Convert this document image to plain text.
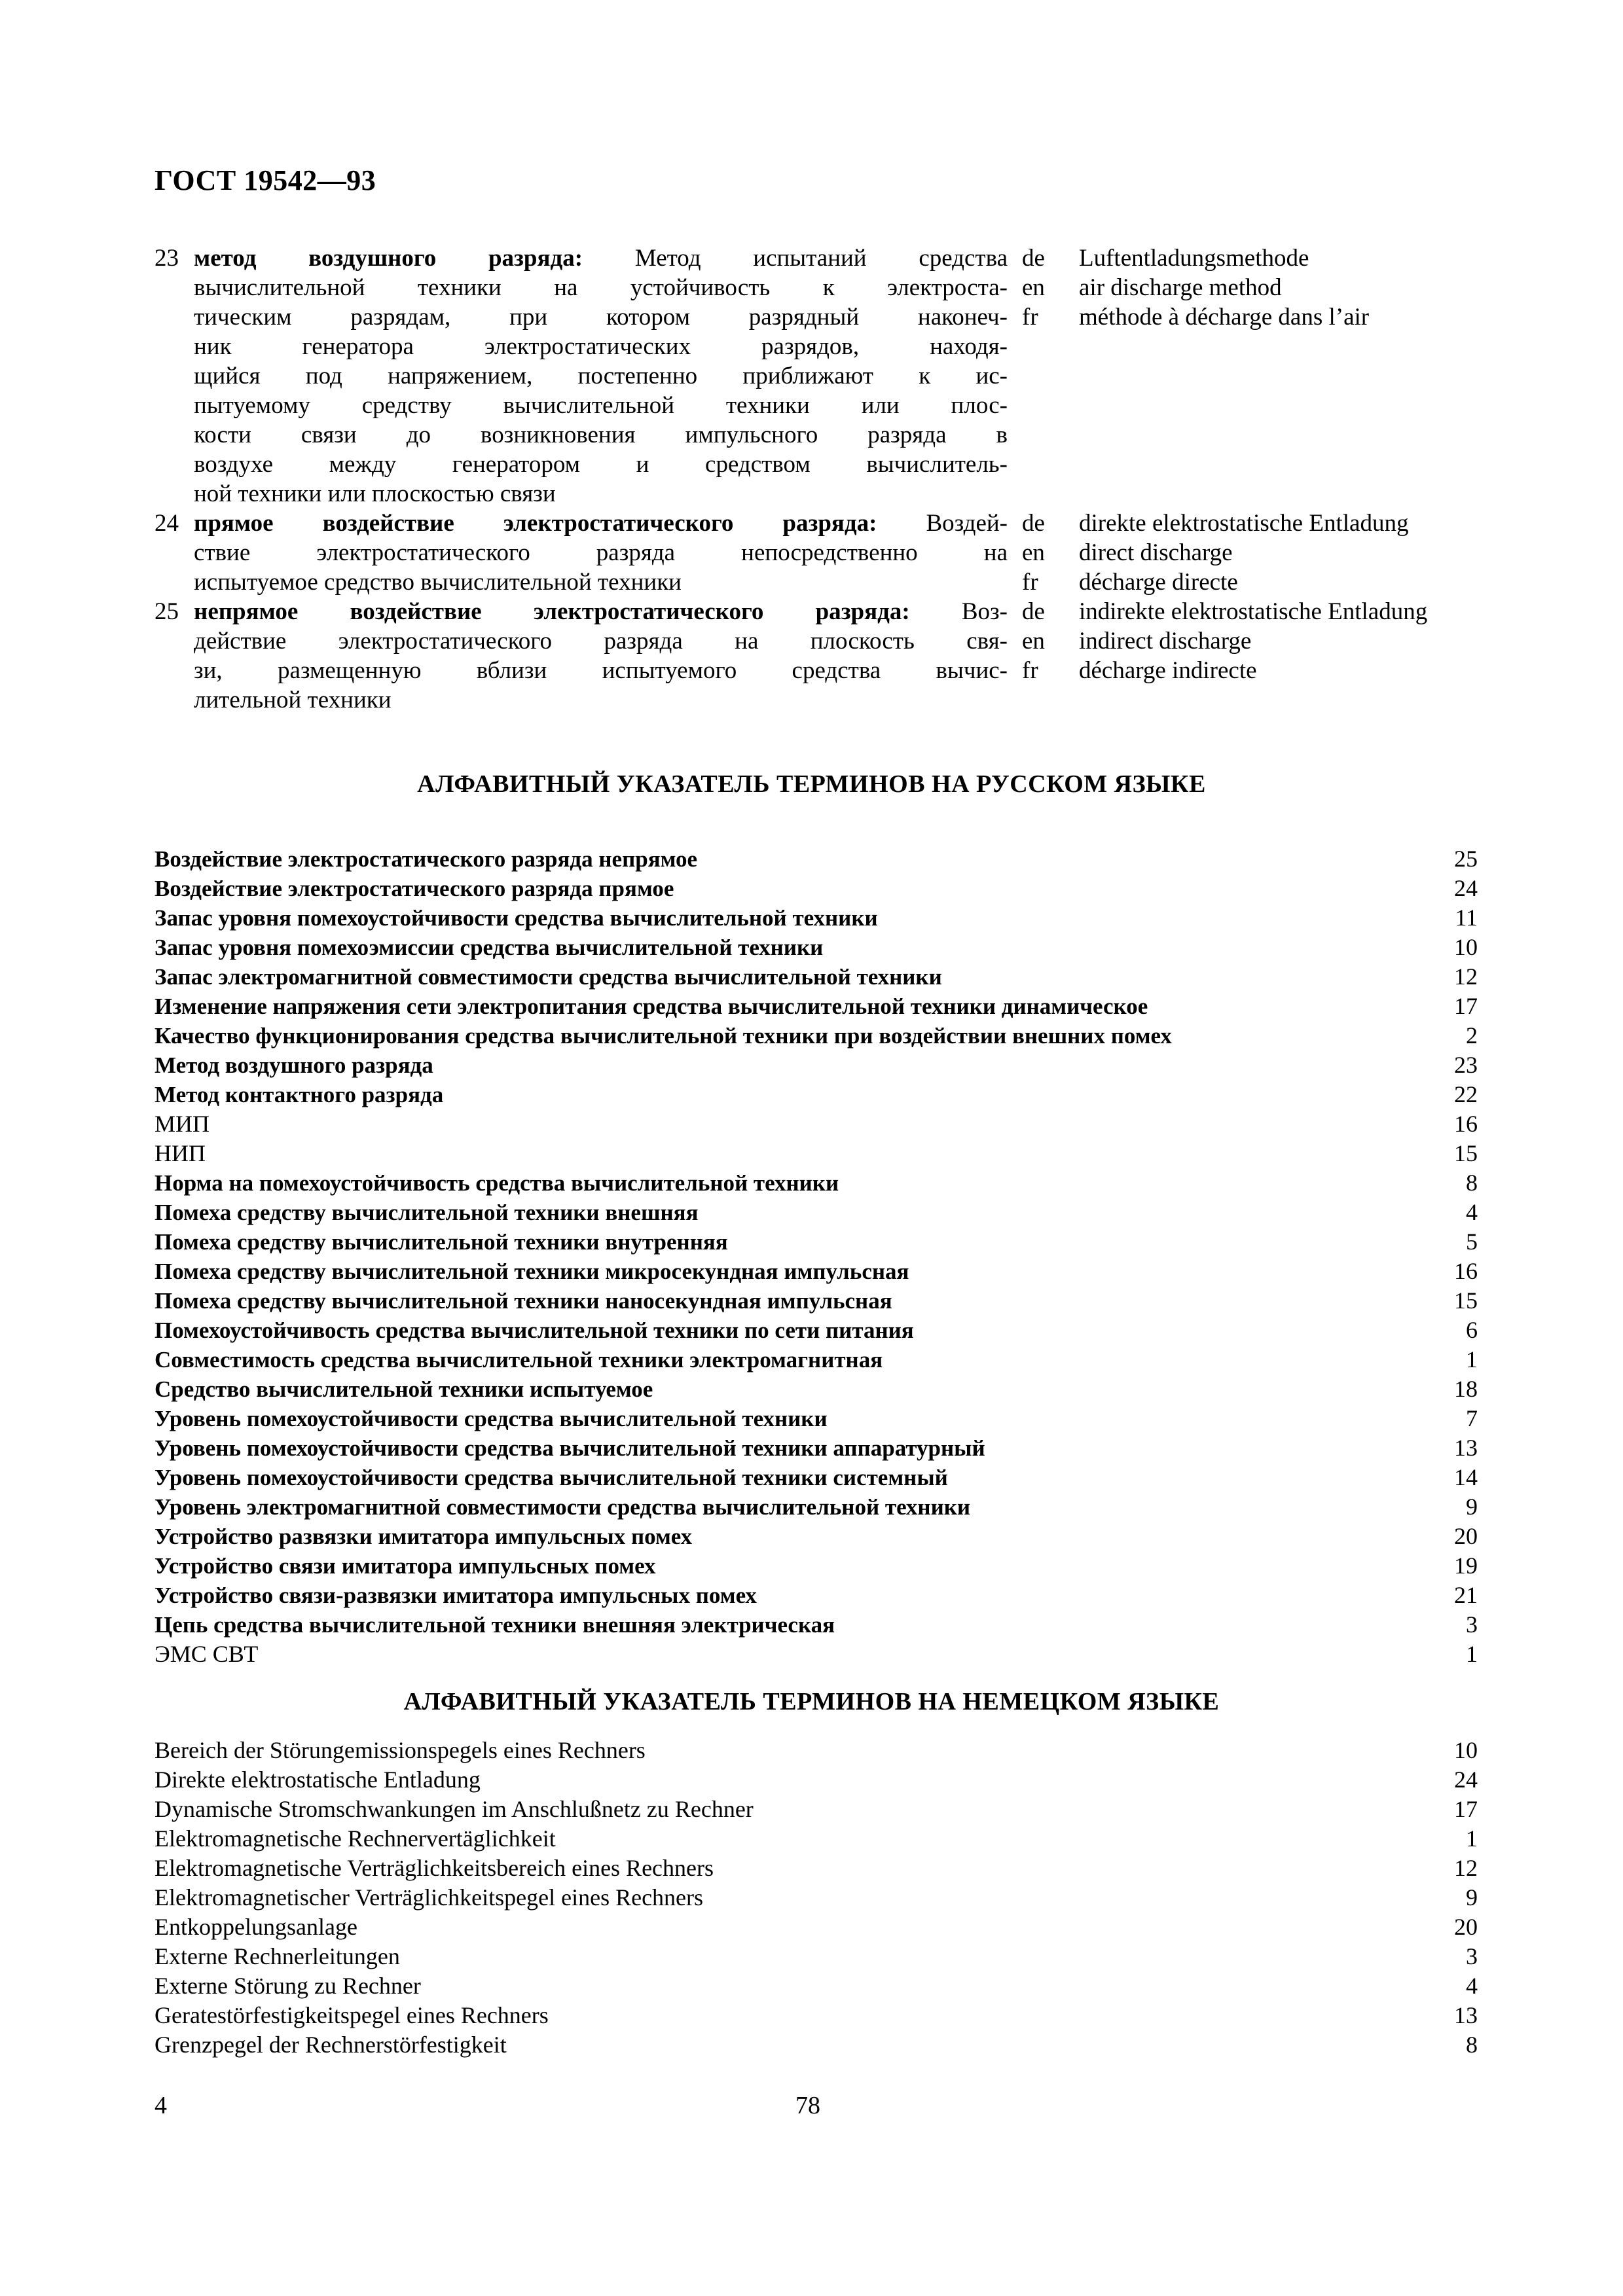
ГОСТ 19542—93
23 метод воздушного разряда: Метод испытаний средства de Luftentladungsmethode
вычислительной техники на устойчивость к электроста- en air discharge method
тическим разрядам, при котором разрядный наконеч- fr méthode à décharge dans l’air
ник генератора электростатических разрядов, находя-
щийся под напряжением, постепенно приближают к ис-
пытуемому средству вычислительной техники или плос-
кости связи до возникновения импульсного разряда в
воздухе между генератором и средством вычислитель-
ной техники или плоскостью связи
24 прямое воздействие электростатического разряда: Воздей- de direkte elektrostatische Entladung
ствие электростатического разряда непосредственно на en direct discharge
испытуемое средство вычислительной техники	fr décharge directe
25 непрямое воздействие электростатического разряда: Воз- de indirekte elektrostatische Entladung
действие электростатического разряда на плоскость свя- en indirect discharge
зи, размещенную вблизи испытуемого средства вычис- fr décharge indirecte
лительной техники
АЛФАВИТНЫЙ УКАЗАТЕЛЬ ТЕРМИНОВ НА РУССКОМ ЯЗЫКЕ
Воздействие электростатического разряда непрямое	25
Воздействие электростатического разряда прямое	24
Запас уровня помехоустойчивости средства вычислительной техники	11
Запас уровня помехоэмиссии средства вычислительной техники	10
Запас электромагнитной совместимости средства вычислительной техники	12
Изменение напряжения сети электропитания средства вычислительной техники динамическое	17
Качество функционирования средства вычислительной техники при воздействии внешних помех	2
Метод воздушного разряда	23
Метод контактного разряда	22
МИП	16
НИП	15
Норма на помехоустойчивость средства вычислительной техники	8
Помеха средству вычислительной техники внешняя	4
Помеха средству вычислительной техники внутренняя	5
Помеха средству вычислительной техники микросекундная импульсная	16
Помеха средству вычислительной техники наносекундная импульсная	15
Помехоустойчивость средства вычислительной техники по сети питания	6
Совместимость средства вычислительной техники электромагнитная	1
Средство вычислительной техники испытуемое	18
Уровень помехоустойчивости средства вычислительной техники	7
Уровень помехоустойчивости средства вычислительной техники аппаратурный	13
Уровень помехоустойчивости средства вычислительной техники системный	14
Уровень электромагнитной совместимости средства вычислительной техники	9
Устройство развязки имитатора импульсных помех	20
Устройство связи имитатора импульсных помех	19
Устройство связи-развязки имитатора импульсных помех	21
Цепь средства вычислительной техники внешняя электрическая	3
ЭМС СВТ	1
АЛФАВИТНЫЙ УКАЗАТЕЛЬ ТЕРМИНОВ НА НЕМЕЦКОМ ЯЗЫКЕ
Bereich der Störungemissionspegels eines Rechners	10
Direkte elektrostatische Entladung	24
Dynamische Stromschwankungen im Anschlußnetz zu Rechner	17
Elektromagnetische Rechnervertäglichkeit	1
Elektromagnetische Verträglichkeitsbereich eines Rechners	12
Elektromagnetischer Verträglichkeitspegel eines Rechners	9
Entkoppelungsanlage	20
Externe Rechnerleitungen	3
Externe Störung zu Rechner	4
Geratestörfestigkeitspegel eines Rechners	13
Grenzpegel der Rechnerstörfestigkeit	8
4	78
